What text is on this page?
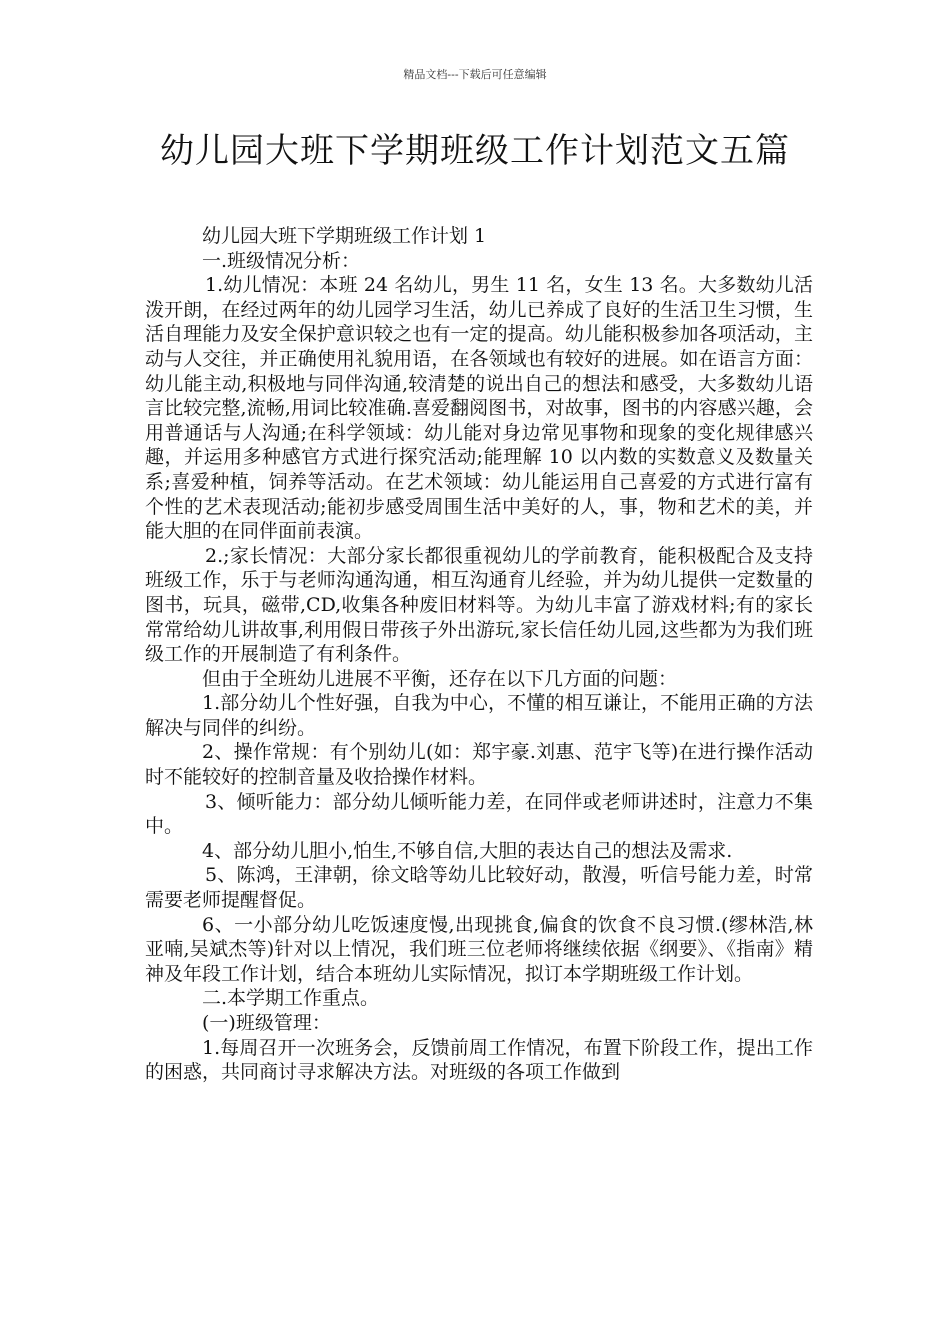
精品文档---下载后可任意编辑
幼儿园大班下学期班级工作计划范文五篇

幼儿园大班下学期班级工作计划 1

一.班级情况分析：

1.幼儿情况：本班 24 名幼儿，男生 11 名，女生 13 名。大多数幼儿活泼开朗，在经过两年的幼儿园学习生活，幼儿已养成了良好的生活卫生习惯，生活自理能力及安全保护意识较之也有一定的提高。幼儿能积极参加各项活动，主动与人交往，并正确使用礼貌用语，在各领域也有较好的进展。如在语言方面：幼儿能主动,积极地与同伴沟通,较清楚的说出自己的想法和感受，大多数幼儿语言比较完整,流畅,用词比较准确.喜爱翻阅图书，对故事，图书的内容感兴趣，会用普通话与人沟通;在科学领域：幼儿能对身边常见事物和现象的变化规律感兴趣，并运用多种感官方式进行探究活动;能理解 10 以内数的实数意义及数量关系;喜爱种植，饲养等活动。在艺术领域：幼儿能运用自己喜爱的方式进行富有个性的艺术表现活动;能初步感受周围生活中美好的人，事，物和艺术的美，并能大胆的在同伴面前表演。

2.;家长情况：大部分家长都很重视幼儿的学前教育，能积极配合及支持班级工作，乐于与老师沟通沟通，相互沟通育儿经验，并为幼儿提供一定数量的图书，玩具，磁带,CD,收集各种废旧材料等。为幼儿丰富了游戏材料;有的家长常常给幼儿讲故事,利用假日带孩子外出游玩,家长信任幼儿园,这些都为为我们班级工作的开展制造了有利条件。

但由于全班幼儿进展不平衡，还存在以下几方面的问题：

1.部分幼儿个性好强，自我为中心，不懂的相互谦让，不能用正确的方法解决与同伴的纠纷。

2、操作常规：有个别幼儿(如：郑宇豪.刘惠、范宇飞等)在进行操作活动时不能较好的控制音量及收拾操作材料。

3、倾听能力：部分幼儿倾听能力差，在同伴或老师讲述时，注意力不集中。

4、部分幼儿胆小,怕生,不够自信,大胆的表达自己的想法及需求.

5、陈鸿，王津朝，徐文晗等幼儿比较好动，散漫，听信号能力差，时常需要老师提醒督促。

6、一小部分幼儿吃饭速度慢,出现挑食,偏食的饮食不良习惯.(缪林浩,林亚喃,吴斌杰等)针对以上情况，我们班三位老师将继续依据《纲要》、《指南》精神及年段工作计划，结合本班幼儿实际情况，拟订本学期班级工作计划。

二.本学期工作重点。

(一)班级管理：

1.每周召开一次班务会，反馈前周工作情况，布置下阶段工作，提出工作的困惑，共同商讨寻求解决方法。对班级的各项工作做到
